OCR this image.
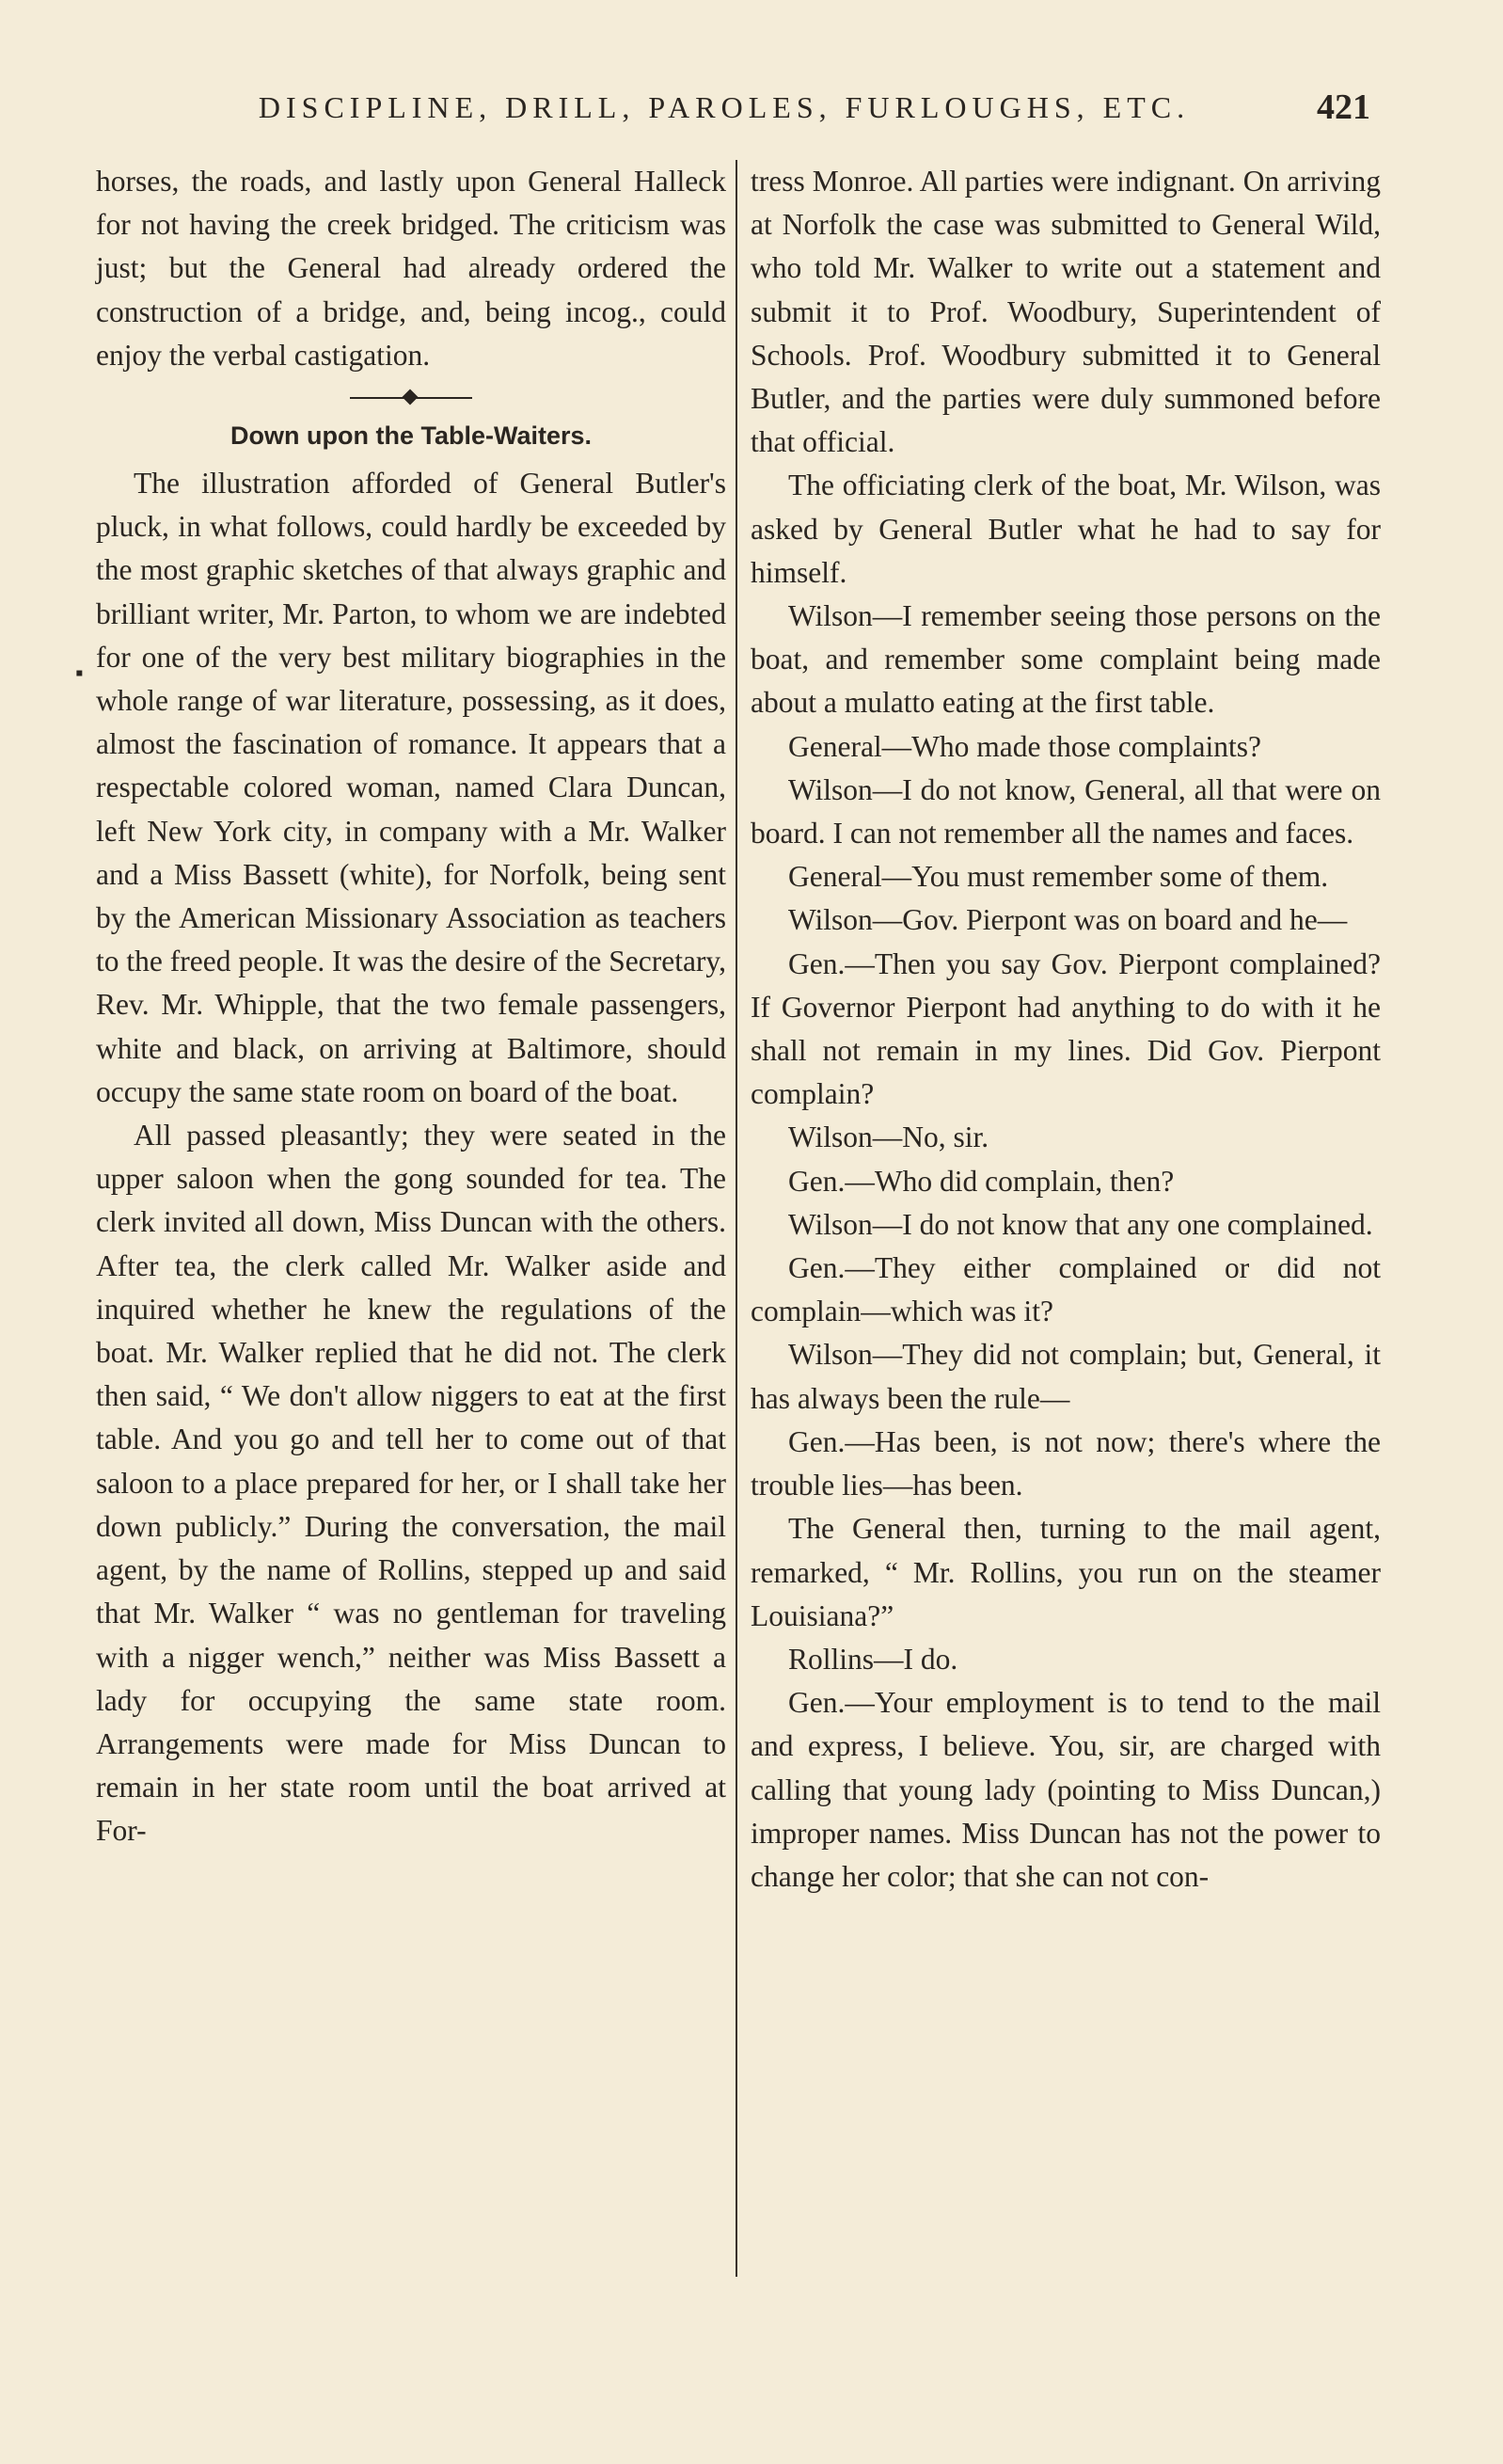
DISCIPLINE, DRILL, PAROLES, FURLOUGHS, ETC.	421
▪

horses, the roads, and lastly upon General Halleck for not having the creek bridged. The criticism was just; but the General had already ordered the construction of a bridge, and, being incog., could enjoy the verbal castigation.

Down upon the Table-Waiters.

The illustration afforded of General Butler's pluck, in what follows, could hardly be exceeded by the most graphic sketches of that always graphic and brilliant writer, Mr. Parton, to whom we are indebted for one of the very best military biographies in the whole range of war literature, possessing, as it does, almost the fascination of romance. It appears that a respectable colored woman, named Clara Duncan, left New York city, in company with a Mr. Walker and a Miss Bassett (white), for Norfolk, being sent by the American Missionary Association as teachers to the freed people. It was the desire of the Secretary, Rev. Mr. Whipple, that the two female passengers, white and black, on arriving at Baltimore, should occupy the same state room on board of the boat.

All passed pleasantly; they were seated in the upper saloon when the gong sounded for tea. The clerk invited all down, Miss Duncan with the others. After tea, the clerk called Mr. Walker aside and inquired whether he knew the regulations of the boat. Mr. Walker replied that he did not. The clerk then said, “ We don't allow niggers to eat at the first table. And you go and tell her to come out of that saloon to a place prepared for her, or I shall take her down publicly.” During the conversation, the mail agent, by the name of Rollins, stepped up and said that Mr. Walker “ was no gentleman for traveling with a nigger wench,” neither was Miss Bassett a lady for occupying the same state room. Arrangements were made for Miss Duncan to remain in her state room until the boat arrived at For-

tress Monroe. All parties were indignant. On arriving at Norfolk the case was submitted to General Wild, who told Mr. Walker to write out a statement and submit it to Prof. Woodbury, Superintendent of Schools. Prof. Woodbury submitted it to General Butler, and the parties were duly summoned before that official.

The officiating clerk of the boat, Mr. Wilson, was asked by General Butler what he had to say for himself.

Wilson—I remember seeing those persons on the boat, and remember some complaint being made about a mulatto eating at the first table.

General—Who made those complaints?

Wilson—I do not know, General, all that were on board. I can not remember all the names and faces.

General—You must remember some of them.

Wilson—Gov. Pierpont was on board and he—

Gen.—Then you say Gov. Pierpont complained? If Governor Pierpont had anything to do with it he shall not remain in my lines. Did Gov. Pierpont complain?

Wilson—No, sir.

Gen.—Who did complain, then?

Wilson—I do not know that any one complained.

Gen.—They either complained or did not complain—which was it?

Wilson—They did not complain; but, General, it has always been the rule—

Gen.—Has been, is not now; there's where the trouble lies—has been.

The General then, turning to the mail agent, remarked, “ Mr. Rollins, you run on the steamer Louisiana?”

Rollins—I do.

Gen.—Your employment is to tend to the mail and express, I believe. You, sir, are charged with calling that young lady (pointing to Miss Duncan,) improper names. Miss Duncan has not the power to change her color; that she can not con-
